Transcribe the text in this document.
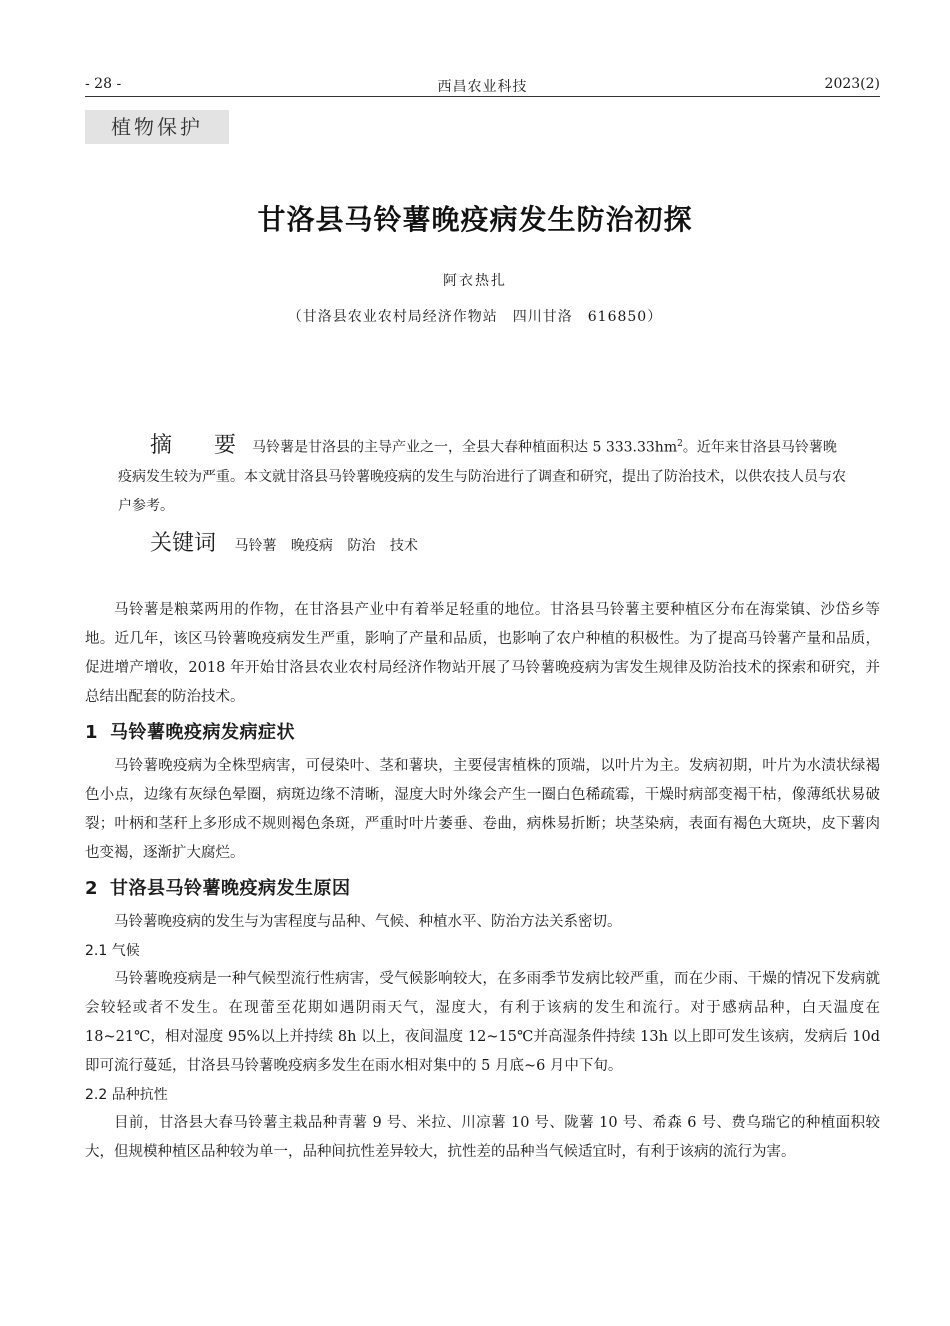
- 28 -	西昌农业科技	2023(2)
植物保护
甘洛县马铃薯晚疫病发生防治初探
阿衣热扎
（甘洛县农业农村局经济作物站　四川甘洛　616850）
摘　要 马铃薯是甘洛县的主导产业之一，全县大春种植面积达 5 $333.33hm^2$。近年来甘洛县马铃薯晚疫病发生较为严重。本文就甘洛县马铃薯晚疫病的发生与防治进行了调查和研究，提出了防治技术，以供农技人员与农户参考。
关键词 马铃薯 晚疫病 防治 技术

马铃薯是粮菜两用的作物，在甘洛县产业中有着举足轻重的地位。甘洛县马铃薯主要种植区分布在海棠镇、沙岱乡等地。近几年，该区马铃薯晚疫病发生严重，影响了产量和品质，也影响了农户种植的积极性。为了提高马铃薯产量和品质，促进增产增收，2018 年开始甘洛县农业农村局经济作物站开展了马铃薯晚疫病为害发生规律及防治技术的探索和研究，并总结出配套的防治技术。

1 马铃薯晚疫病发病症状

马铃薯晚疫病为全株型病害，可侵染叶、茎和薯块，主要侵害植株的顶端，以叶片为主。发病初期，叶片为水渍状绿褐色小点，边缘有灰绿色晕圈，病斑边缘不清晰，湿度大时外缘会产生一圈白色稀疏霉，干燥时病部变褐干枯，像薄纸状易破裂；叶柄和茎秆上多形成不规则褐色条斑，严重时叶片萎垂、卷曲，病株易折断；块茎染病，表面有褐色大斑块，皮下薯肉也变褐，逐渐扩大腐烂。

2 甘洛县马铃薯晚疫病发生原因

马铃薯晚疫病的发生与为害程度与品种、气候、种植水平、防治方法关系密切。

2.1 气候

马铃薯晚疫病是一种气候型流行性病害，受气候影响较大，在多雨季节发病比较严重，而在少雨、干燥的情况下发病就会较轻或者不发生。在现蕾至花期如遇阴雨天气，湿度大，有利于该病的发生和流行。对于感病品种，白天温度在 18~21℃，相对湿度 95%以上并持续 8h 以上，夜间温度 12~15℃并高湿条件持续 13h 以上即可发生该病，发病后 10d 即可流行蔓延，甘洛县马铃薯晚疫病多发生在雨水相对集中的 5 月底~6 月中下旬。

2.2 品种抗性

目前，甘洛县大春马铃薯主栽品种青薯 9 号、米拉、川凉薯 10 号、陇薯 10 号、希森 6 号、费乌瑞它的种植面积较大，但规模种植区品种较为单一，品种间抗性差异较大，抗性差的品种当气候适宜时，有利于该病的流行为害。
